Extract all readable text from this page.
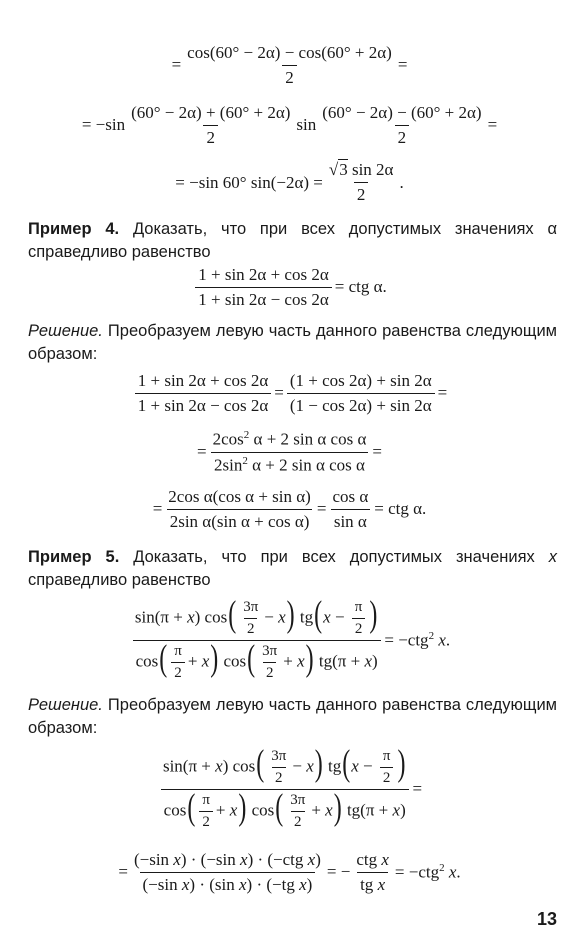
= $\frac{\cos(60^\circ - 2\alpha) - \cos(60^\circ + 2\alpha)}{2}$ =
= $-\sin \frac{(60^\circ - 2\alpha) + (60^\circ + 2\alpha)}{2}$ $\sin \frac{(60^\circ - 2\alpha) - (60^\circ + 2\alpha)}{2}$ =
= −sin 60° $\sin(-2\alpha) = \frac{√3 \sin 2\alpha}{2}$ .
Пример 4. Доказать, что при всех допустимых значениях α справедливо равенство
$\frac{1 + \sin 2\alpha + \cos 2\alpha}{1 + \sin 2\alpha - \cos 2\alpha}$ = ctg α.
Решение. Преобразуем левую часть данного равенства следующим образом:
$\frac{1 + \sin 2\alpha + \cos 2\alpha}{1 + \sin 2\alpha - \cos 2\alpha} = \frac{(1 + \cos 2\alpha) + \sin 2\alpha}{(1 - \cos 2\alpha) + \sin 2\alpha}$ =
= $\frac{2\cos^2 \alpha + 2 \sin \alpha \cos \alpha}{2\sin^2 \alpha + 2 \sin \alpha \cos \alpha}$ =
= $\frac{\text{2cos α(cos α + sin α)}}{\text{2sin α(sin α + cos α)}} = \frac{\text{cos α}}{\text{sin α}}$ = ctg α.
Пример 5. Доказать, что при всех допустимых значениях x справедливо равенство
$\frac{\sin(\pi + x) \cos( \frac{3\pi}{2} - x) tg(x - \frac{\pi}{2} )}{\cos( \frac{\pi}{2} + x) \cos( \frac{3\pi}{2} + x) tg(\pi + x)} = -ctg^2$ x.
Решение. Преобразуем левую часть данного равенства следующим образом:
$\frac{\sin(\pi + x) \cos( \frac{3\pi}{2} - x) tg(x - \frac{\pi}{2} )}{\cos( \frac{\pi}{2} + x) \cos( \frac{3\pi}{2} + x) tg(\pi + x)}$ =
= $\frac{\text{(−sin x) · (−sin x) · (−ctg x)}}{\text{(−sin x) · (sin x) · (−tg x)}}$ = − $\frac{\text{ctg x}}{\text{tg x}} = -ctg^2$ x.
13
